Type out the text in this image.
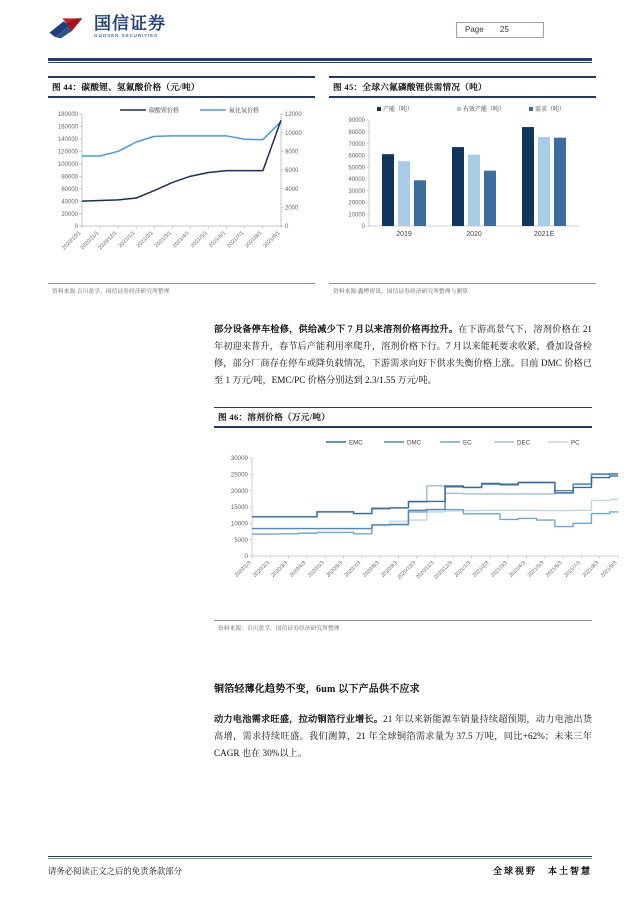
国信证券
GUOSEN SECURITIES
Page 25
图 44：碳酸锂、氢氟酸价格（元/吨）
碳酸锂价格	氟化氢价格
0
20000
40000
60000
80000
100000
120000
140000
160000
180000
0
2000
4000
6000
8000
10000
12000
2020/10/1
2020/11/1
2020/12/1 2021/1/1 2021/2/1 2021/3/1 2021/4/1 2021/5/1 2021/6/1 2021/7/1 2021/8/1 2021/9/1
资料来源:百川盈孚，国信证券经济研究所整理
图 45：全球六氟磷酸锂供需情况（吨）
产能（吨）	有效产能（吨）	需求（吨）
0
10000
20000
30000
40000
50000
60000
70000
80000
90000
2019	2020	2021E
资料来源:鑫椤资讯，国信证券经济研究所整理与测算

部分设备停车检修，供给减少下 7 月以来溶剂价格再拉升。在下游高景气下，溶剂价格在 21 年初迎来普升，春节后产能利用率爬升，溶剂价格下行。7 月以来能耗要求收紧，叠加设备检修，部分厂商存在停车或降负载情况，下游需求向好下供求失衡价格上涨。目前 DMC 价格已至 1 万元/吨，EMC/PC 价格分别达到 2.3/1.55 万元/吨。

图 46：溶剂价格（万元/吨）
EMC	DMC	EC	DEC	PC
0
5000
10000
15000
20000
25000
30000
2020/1/3 2020/2/3 2020/3/3 2020/4/3 2020/5/3 2020/6/3 2020/7/3 2020/8/3 2020/9/3
2020/10/3
2020/11/3
2020/12/3 2021/1/3 2021/2/3 2021/3/3 2021/4/3 2021/5/3 2021/6/3 2021/7/3 2021/8/3 2021/9/3
资料来源：百川盈孚，国信证券经济研究所整理
铜箔轻薄化趋势不变，6um 以下产品供不应求

动力电池需求旺盛，拉动铜箔行业增长。21 年以来新能源车销量持续超预期，动力电池出货高增，需求持续旺盛。我们测算，21 年全球铜箔需求量为 37.5 万吨，同比+62%；未来三年 CAGR 也在 30%以上。

请务必阅读正文之后的免责条款部分	全球视野　本土智慧
